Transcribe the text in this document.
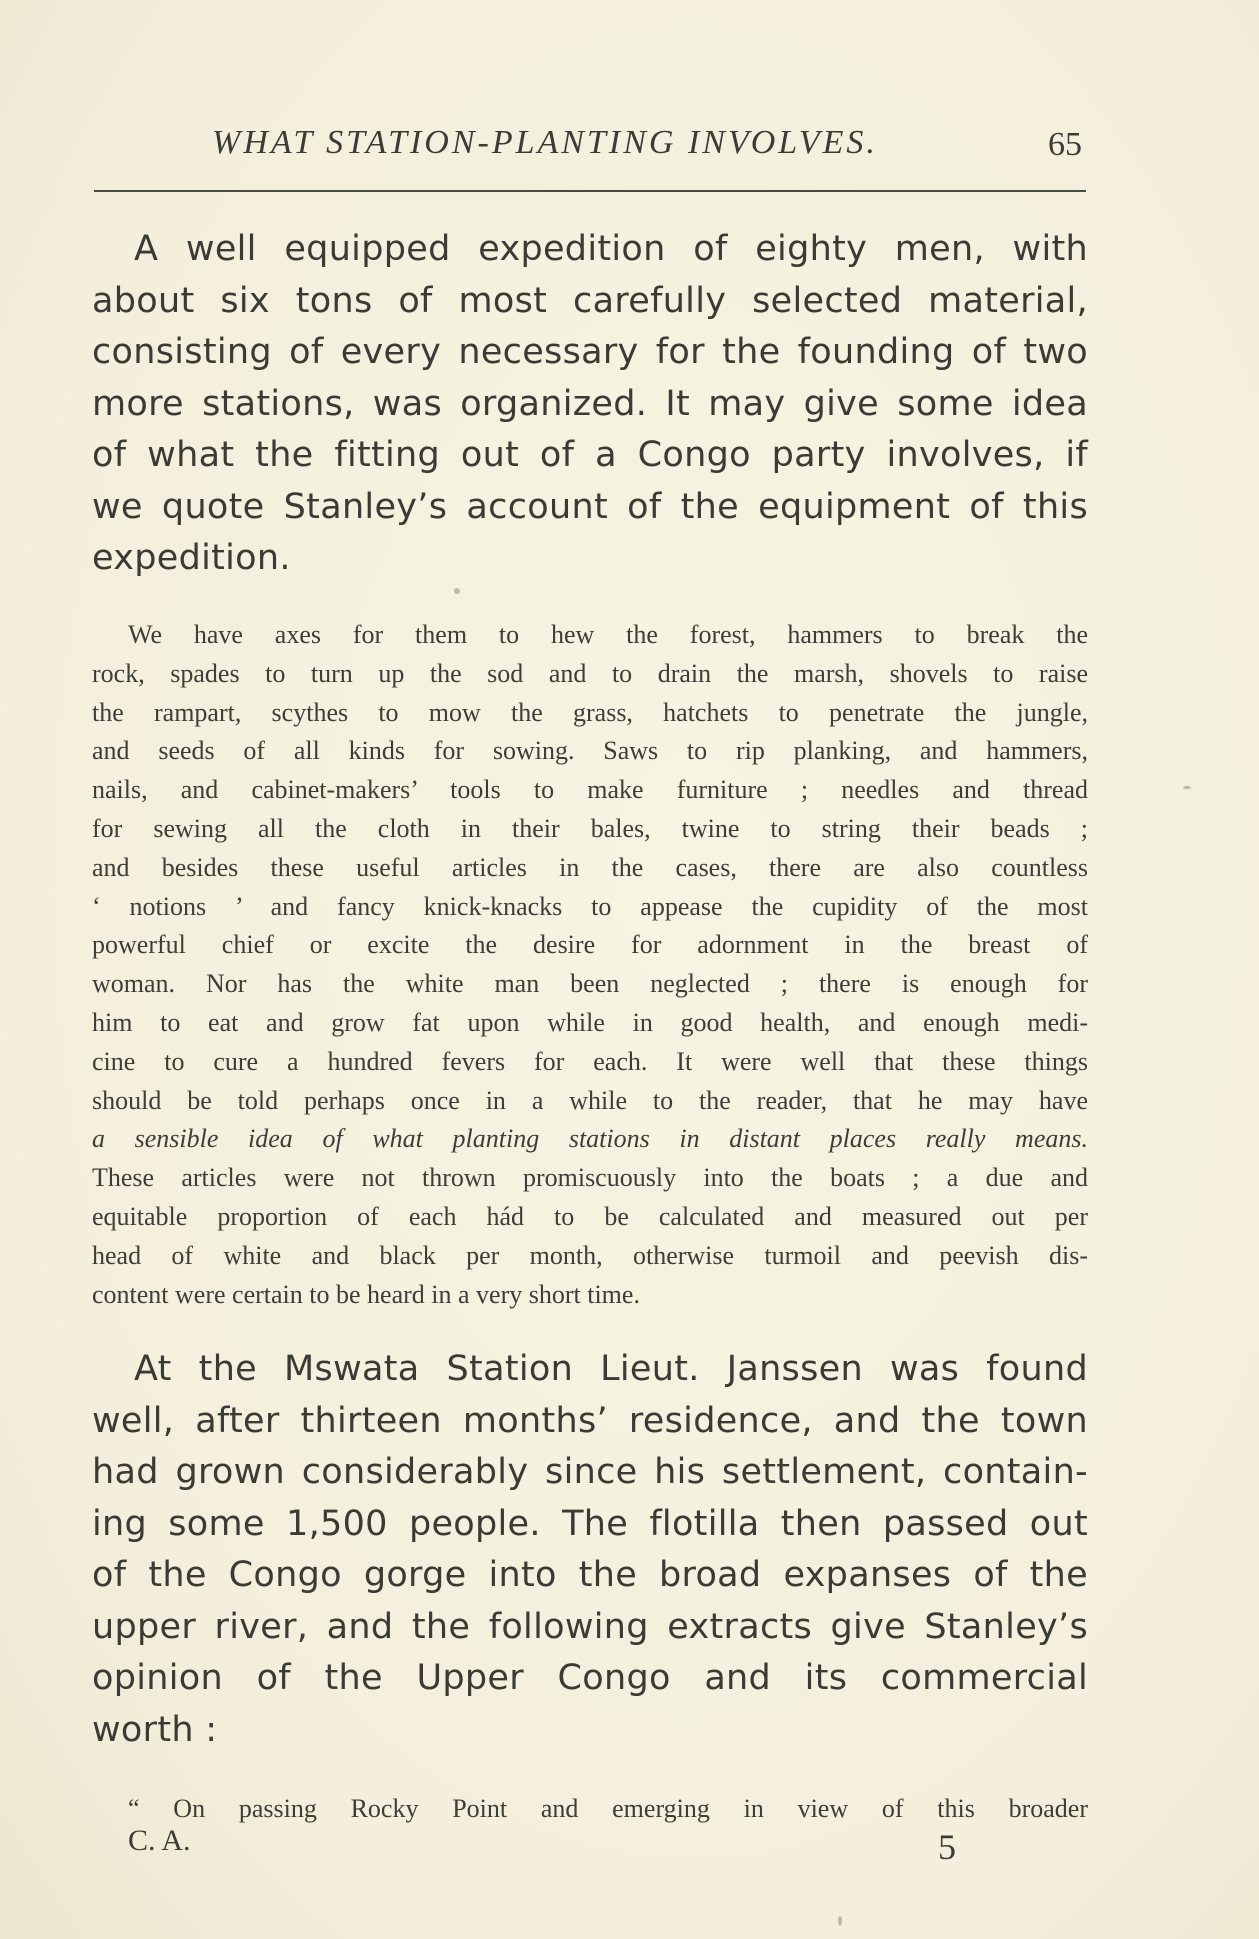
WHAT STATION-PLANTING INVOLVES.	65
A well equipped expedition of eighty men, with
about six tons of most carefully selected material,
consisting of every necessary for the founding of two
more stations, was organized. It may give some idea
of what the fitting out of a Congo party involves, if
we quote Stanley’s account of the equipment of this
expedition.
We have axes for them to hew the forest, hammers to break the
rock, spades to turn up the sod and to drain the marsh, shovels to raise
the rampart, scythes to mow the grass, hatchets to penetrate the jungle,
and seeds of all kinds for sowing. Saws to rip planking, and hammers,
nails, and cabinet-makers’ tools to make furniture ; needles and thread
for sewing all the cloth in their bales, twine to string their beads ;
and besides these useful articles in the cases, there are also countless
‘ notions ’ and fancy knick-knacks to appease the cupidity of the most
powerful chief or excite the desire for adornment in the breast of
woman. Nor has the white man been neglected ; there is enough for
him to eat and grow fat upon while in good health, and enough medi-
cine to cure a hundred fevers for each. It were well that these things
should be told perhaps once in a while to the reader, that he may have
a sensible idea of what planting stations in distant places really means.
These articles were not thrown promiscuously into the boats ; a due and
equitable proportion of each hád to be calculated and measured out per
head of white and black per month, otherwise turmoil and peevish dis-
content were certain to be heard in a very short time.
At the Mswata Station Lieut. Janssen was found
well, after thirteen months’ residence, and the town
had grown considerably since his settlement, contain-
ing some 1,500 people. The flotilla then passed out
of the Congo gorge into the broad expanses of the
upper river, and the following extracts give Stanley’s
opinion of the Upper Congo and its commercial
worth :
“ On passing Rocky Point and emerging in view of this broader
C. A.	5
